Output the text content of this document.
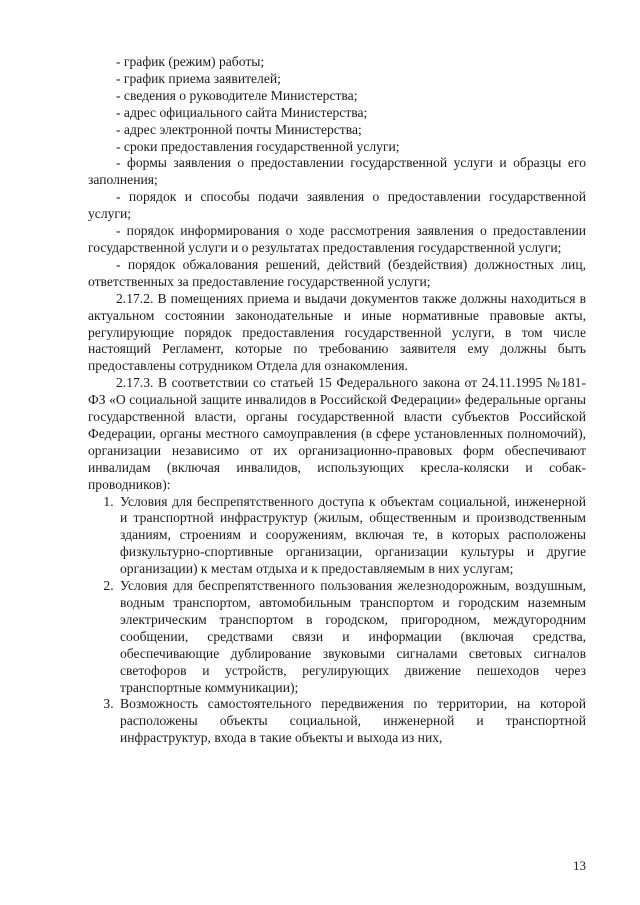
- график (режим) работы;

- график приема заявителей;

- сведения о руководителе Министерства;

- адрес официального сайта Министерства;

- адрес электронной почты Министерства;

- сроки предоставления государственной услуги;

- формы заявления о предоставлении государственной услуги и образцы его заполнения;

- порядок и способы подачи заявления о предоставлении государственной услуги;

- порядок информирования о ходе рассмотрения заявления о предоставлении государственной услуги и о результатах предоставления государственной услуги;

- порядок обжалования решений, действий (бездействия) должностных лиц, ответственных за предоставление государственной услуги;

2.17.2. В помещениях приема и выдачи документов также должны находиться в актуальном состоянии законодательные и иные нормативные правовые акты, регулирующие порядок предоставления государственной услуги, в том числе настоящий Регламент, которые по требованию заявителя ему должны быть предоставлены сотрудником Отдела для ознакомления.

2.17.3. В соответствии со статьей 15 Федерального закона от 24.11.1995 №181-ФЗ «О социальной защите инвалидов в Российской Федерации» федеральные органы государственной власти, органы государственной власти субъектов Российской Федерации, органы местного самоуправления (в сфере установленных полномочий), организации независимо от их организационно-правовых форм обеспечивают инвалидам (включая инвалидов, использующих кресла-коляски и собак-проводников):

1. Условия для беспрепятственного доступа к объектам социальной, инженерной и транспортной инфраструктур (жилым, общественным и производственным зданиям, строениям и сооружениям, включая те, в которых расположены физкультурно-спортивные организации, организации культуры и другие организации) к местам отдыха и к предоставляемым в них услугам;
2. Условия для беспрепятственного пользования железнодорожным, воздушным, водным транспортом, автомобильным транспортом и городским наземным электрическим транспортом в городском, пригородном, междугородним сообщении, средствами связи и информации (включая средства, обеспечивающие дублирование звуковыми сигналами световых сигналов светофоров и устройств, регулирующих движение пешеходов через транспортные коммуникации);
3. Возможность самостоятельного передвижения по территории, на которой расположены объекты социальной, инженерной и транспортной инфраструктур, входа в такие объекты и выхода из них,
13
